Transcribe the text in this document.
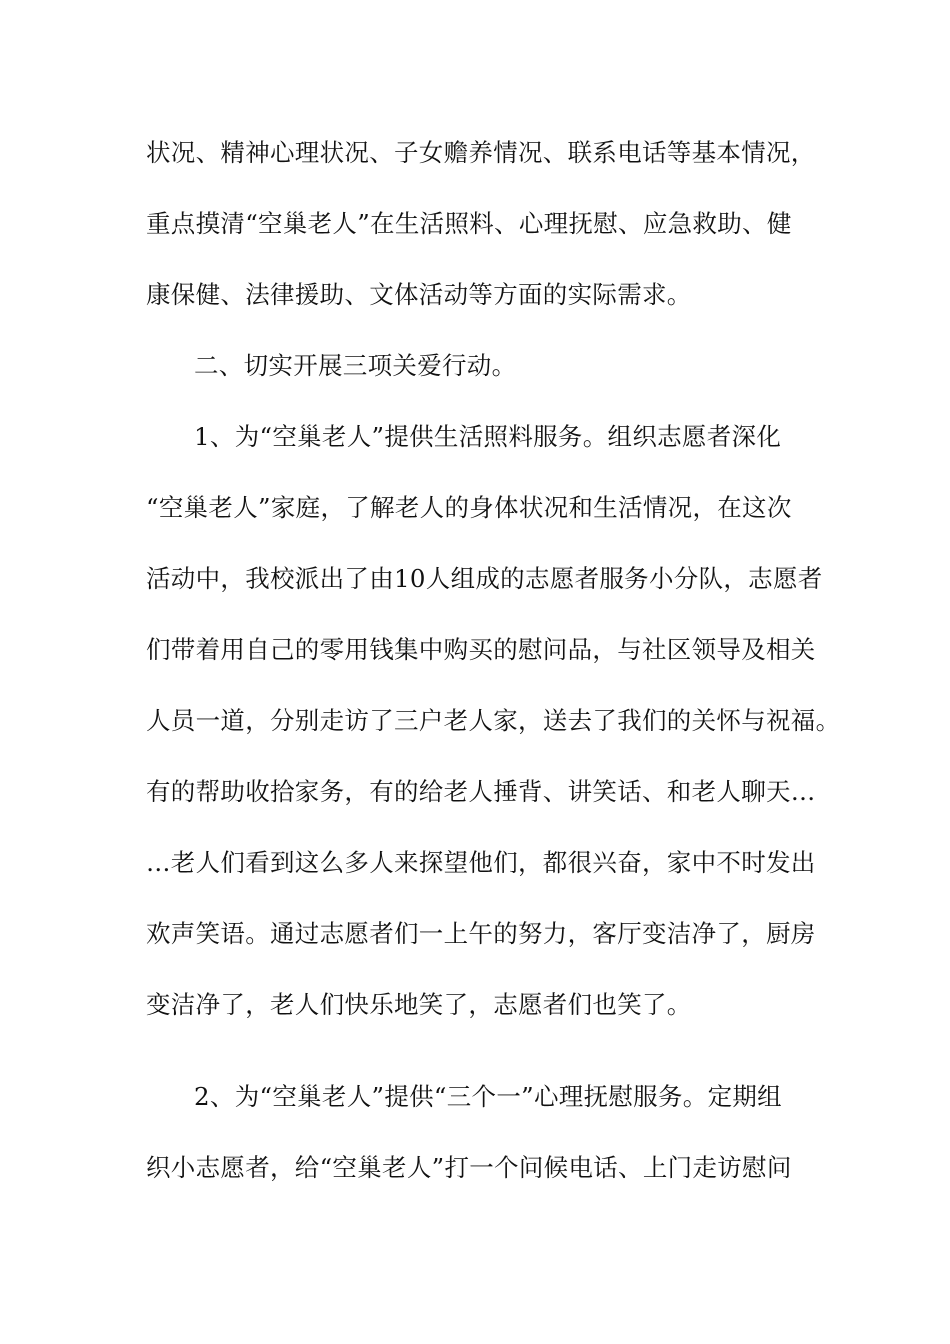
状况、精神心理状况、子女赡养情况、联系电话等基本情况，
重点摸清“空巢老人”在生活照料、心理抚慰、应急救助、健
康保健、法律援助、文体活动等方面的实际需求。
二、切实开展三项关爱行动。
1、为“空巢老人”提供生活照料服务。组织志愿者深化
“空巢老人”家庭，了解老人的身体状况和生活情况，在这次
活动中，我校派出了由10人组成的志愿者服务小分队，志愿者
们带着用自己的零用钱集中购买的慰问品，与社区领导及相关
人员一道，分别走访了三户老人家，送去了我们的关怀与祝福。
有的帮助收拾家务，有的给老人捶背、讲笑话、和老人聊天…
…老人们看到这么多人来探望他们，都很兴奋，家中不时发出
欢声笑语。通过志愿者们一上午的努力，客厅变洁净了，厨房
变洁净了，老人们快乐地笑了，志愿者们也笑了。
2、为“空巢老人”提供“三个一”心理抚慰服务。定期组
织小志愿者，给“空巢老人”打一个问候电话、上门走访慰问
